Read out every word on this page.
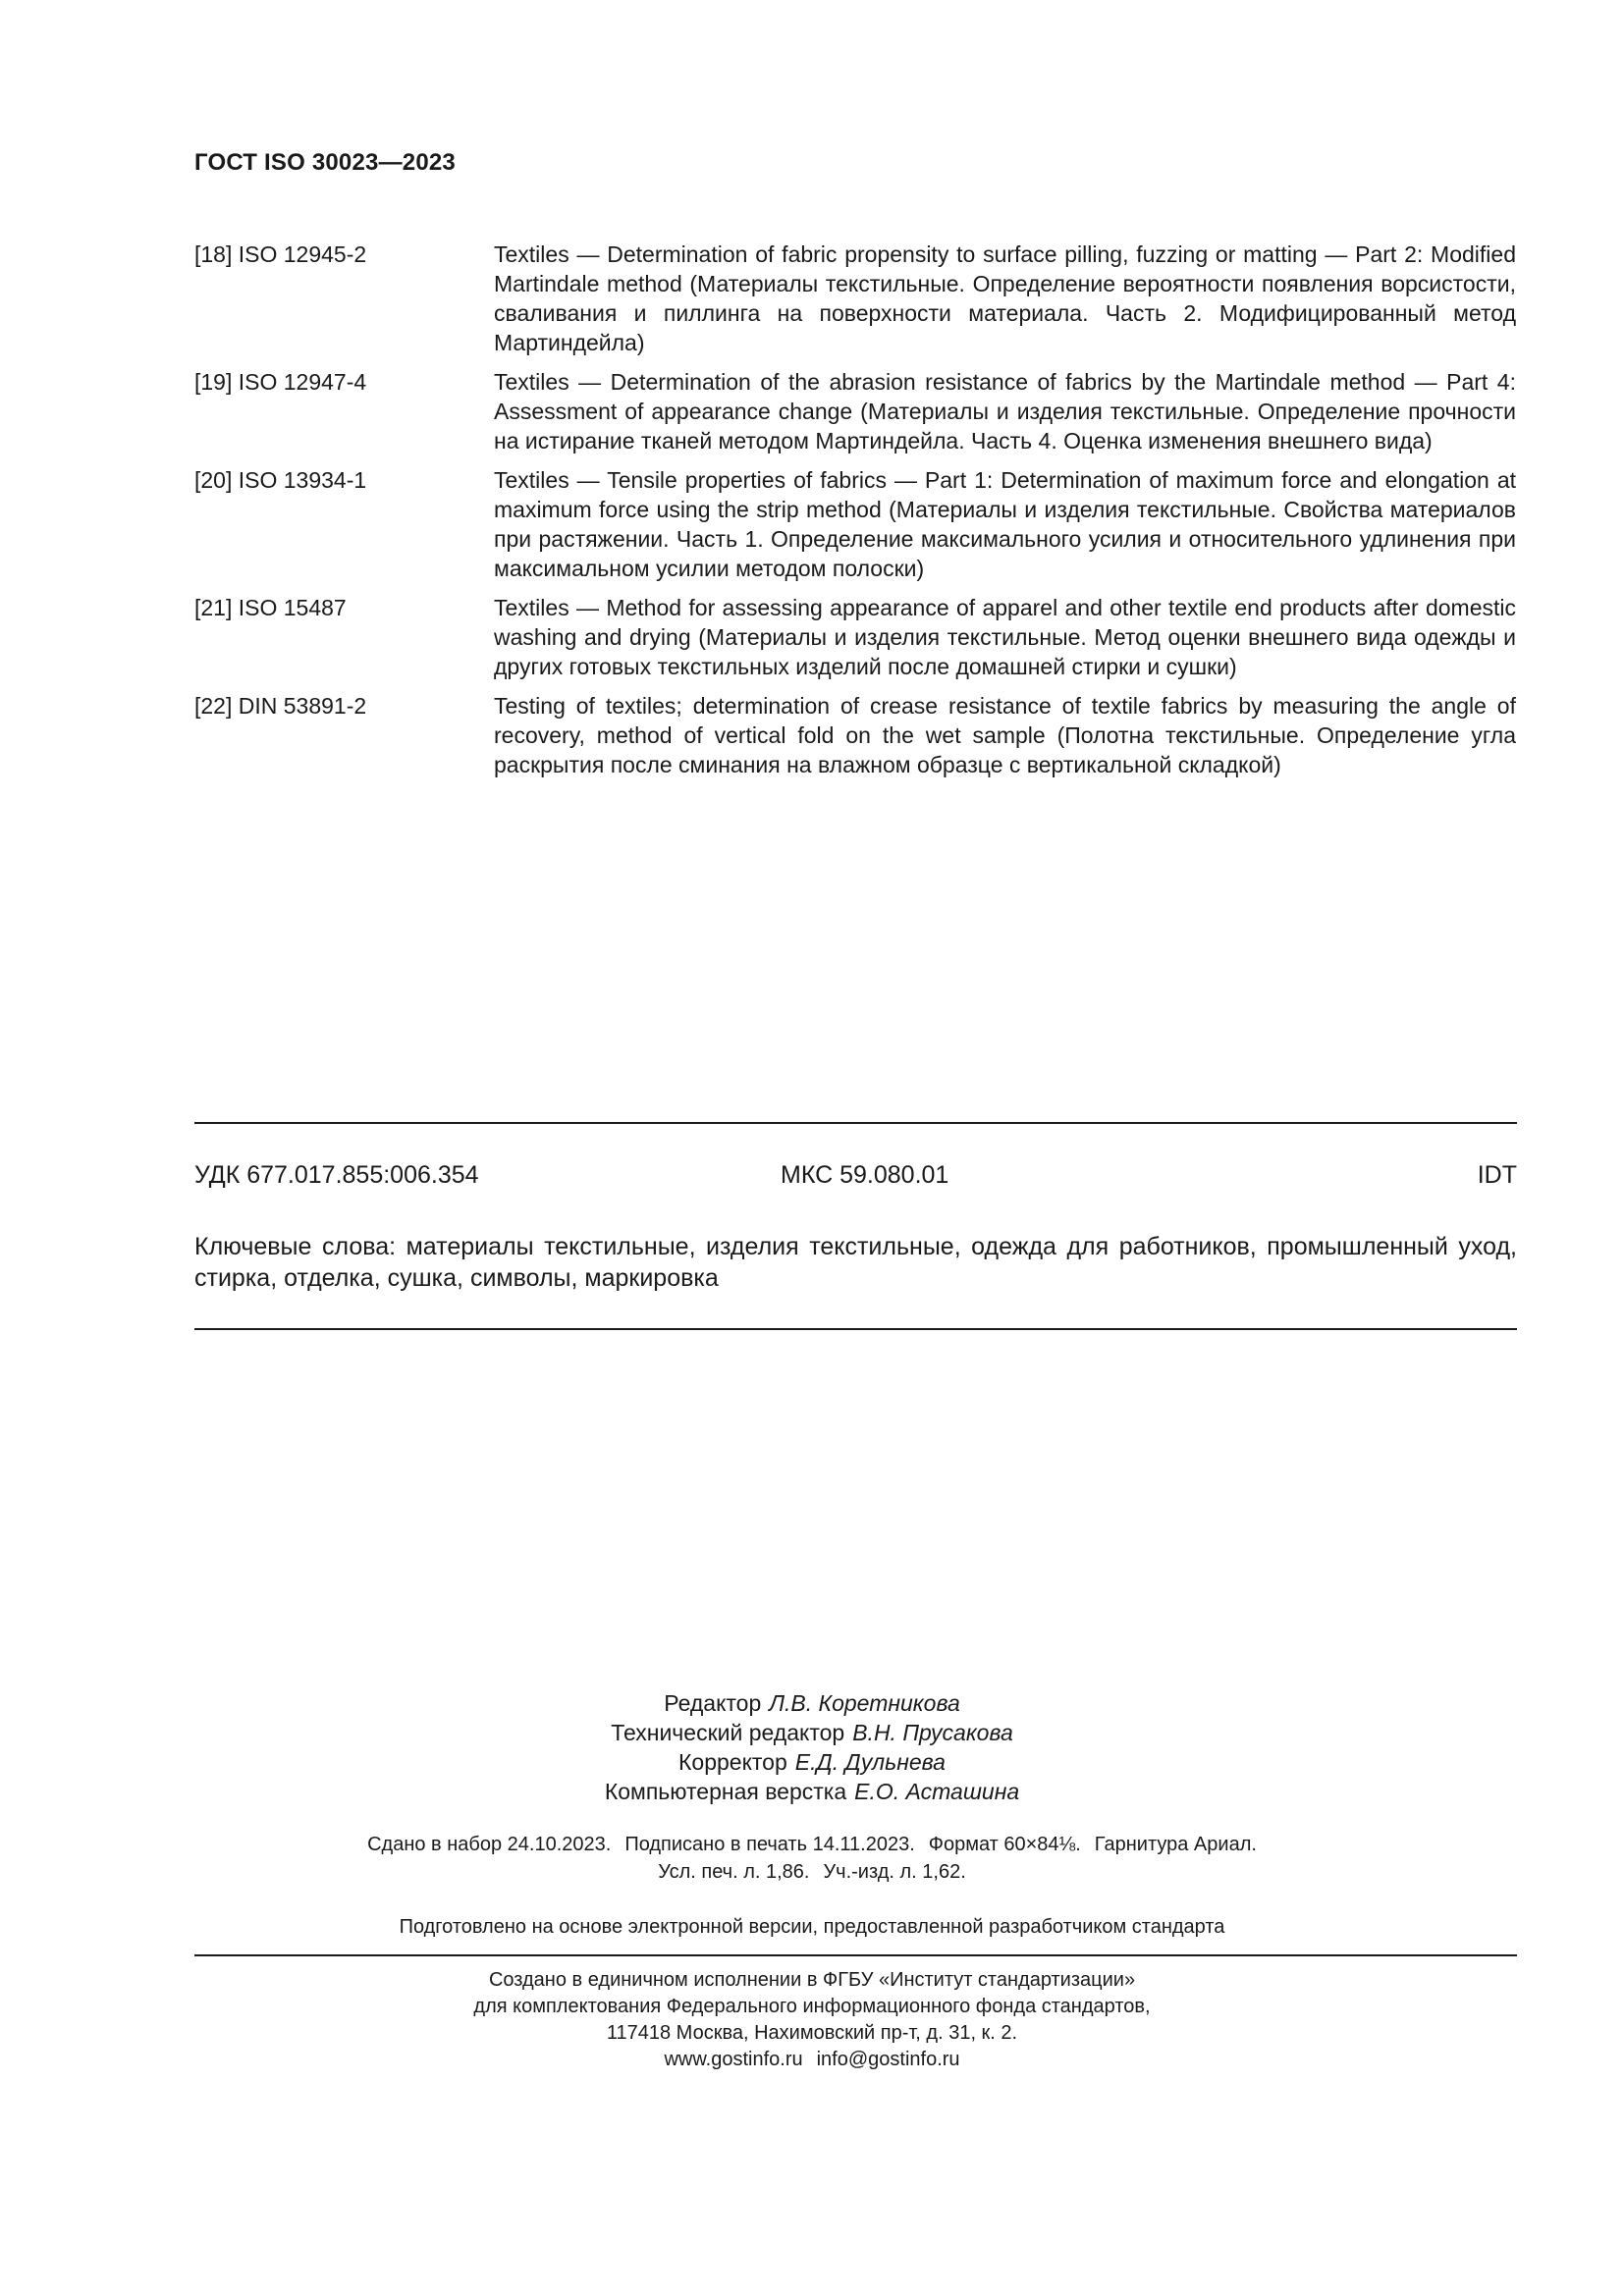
ГОСТ ISO 30023—2023
[18] ISO 12945-2	Textiles — Determination of fabric propensity to surface pilling, fuzzing or matting — Part 2: Modified Martindale method (Материалы текстильные. Определение вероятности появления ворсистости, сваливания и пиллинга на поверхности материала. Часть 2. Модифицированный метод Мартиндейла)
[19] ISO 12947-4	Textiles — Determination of the abrasion resistance of fabrics by the Martindale method — Part 4: Assessment of appearance change (Материалы и изделия текстильные. Определение прочности на истирание тканей методом Мартиндейла. Часть 4. Оценка изменения внешнего вида)
[20] ISO 13934-1	Textiles — Tensile properties of fabrics — Part 1: Determination of maximum force and elongation at maximum force using the strip method (Материалы и изделия текстильные. Свойства материалов при растяжении. Часть 1. Определение максимального усилия и относительного удлинения при максимальном усилии методом полоски)
[21] ISO 15487	Textiles — Method for assessing appearance of apparel and other textile end products after domestic washing and drying (Материалы и изделия текстильные. Метод оценки внешнего вида одежды и других готовых текстильных изделий после домашней стирки и сушки)
[22] DIN 53891-2	Testing of textiles; determination of crease resistance of textile fabrics by measuring the angle of recovery, method of vertical fold on the wet sample (Полотна текстильные. Определение угла раскрытия после сминания на влажном образце с вертикальной складкой)
УДК 677.017.855:006.354	МКС 59.080.01	IDT
Ключевые слова: материалы текстильные, изделия текстильные, одежда для работников, промышленный уход, стирка, отделка, сушка, символы, маркировка
Редактор Л.В. Коретникова
Технический редактор В.Н. Прусакова
Корректор Е.Д. Дульнева
Компьютерная верстка Е.О. Асташина
Сдано в набор 24.10.2023. Подписано в печать 14.11.2023. Формат 60×84⅛. Гарнитура Ариал.
Усл. печ. л. 1,86. Уч.-изд. л. 1,62.
Подготовлено на основе электронной версии, предоставленной разработчиком стандарта
Создано в единичном исполнении в ФГБУ «Институт стандартизации»
для комплектования Федерального информационного фонда стандартов,
117418 Москва, Нахимовский пр-т, д. 31, к. 2.
www.gostinfo.ru info@gostinfo.ru
